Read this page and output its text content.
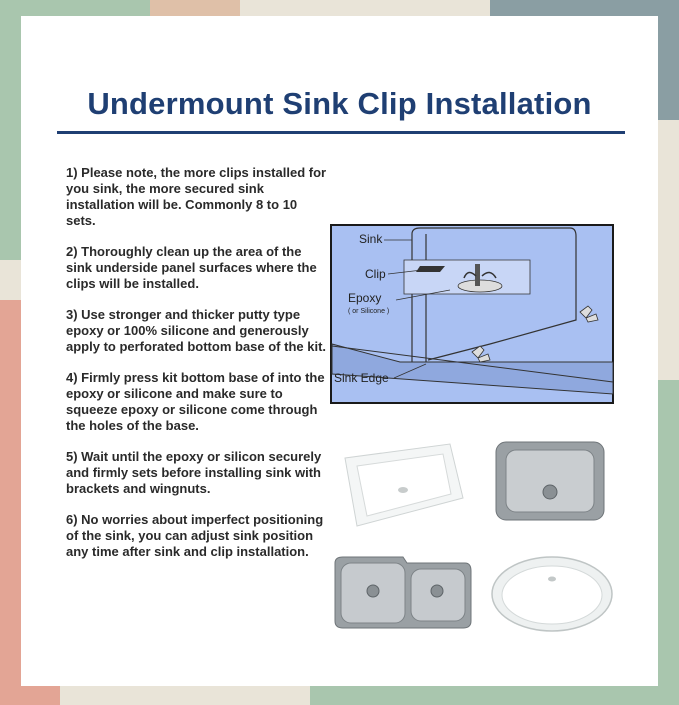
Undermount Sink Clip Installation

1) Please note, the more clips installed for you sink, the more secured sink installation will be. Commonly 8 to 10 sets.

2) Thoroughly clean up the area of the sink underside panel surfaces where the clips will be installed.

3) Use stronger and thicker putty type epoxy or 100% silicone and generously apply to perforated bottom base of the kit.

4) Firmly press kit bottom base of into the epoxy or silicone and make sure to squeeze epoxy or silicone come through the holes of the base.

5) Wait until the epoxy or silicon securely and firmly sets before installing sink with brackets and wingnuts.

6) No worries about imperfect positioning of the sink, you can adjust sink position any time after sink and clip installation.

Sink
Clip
Epoxy
( or Silicone )
Sink Edge
